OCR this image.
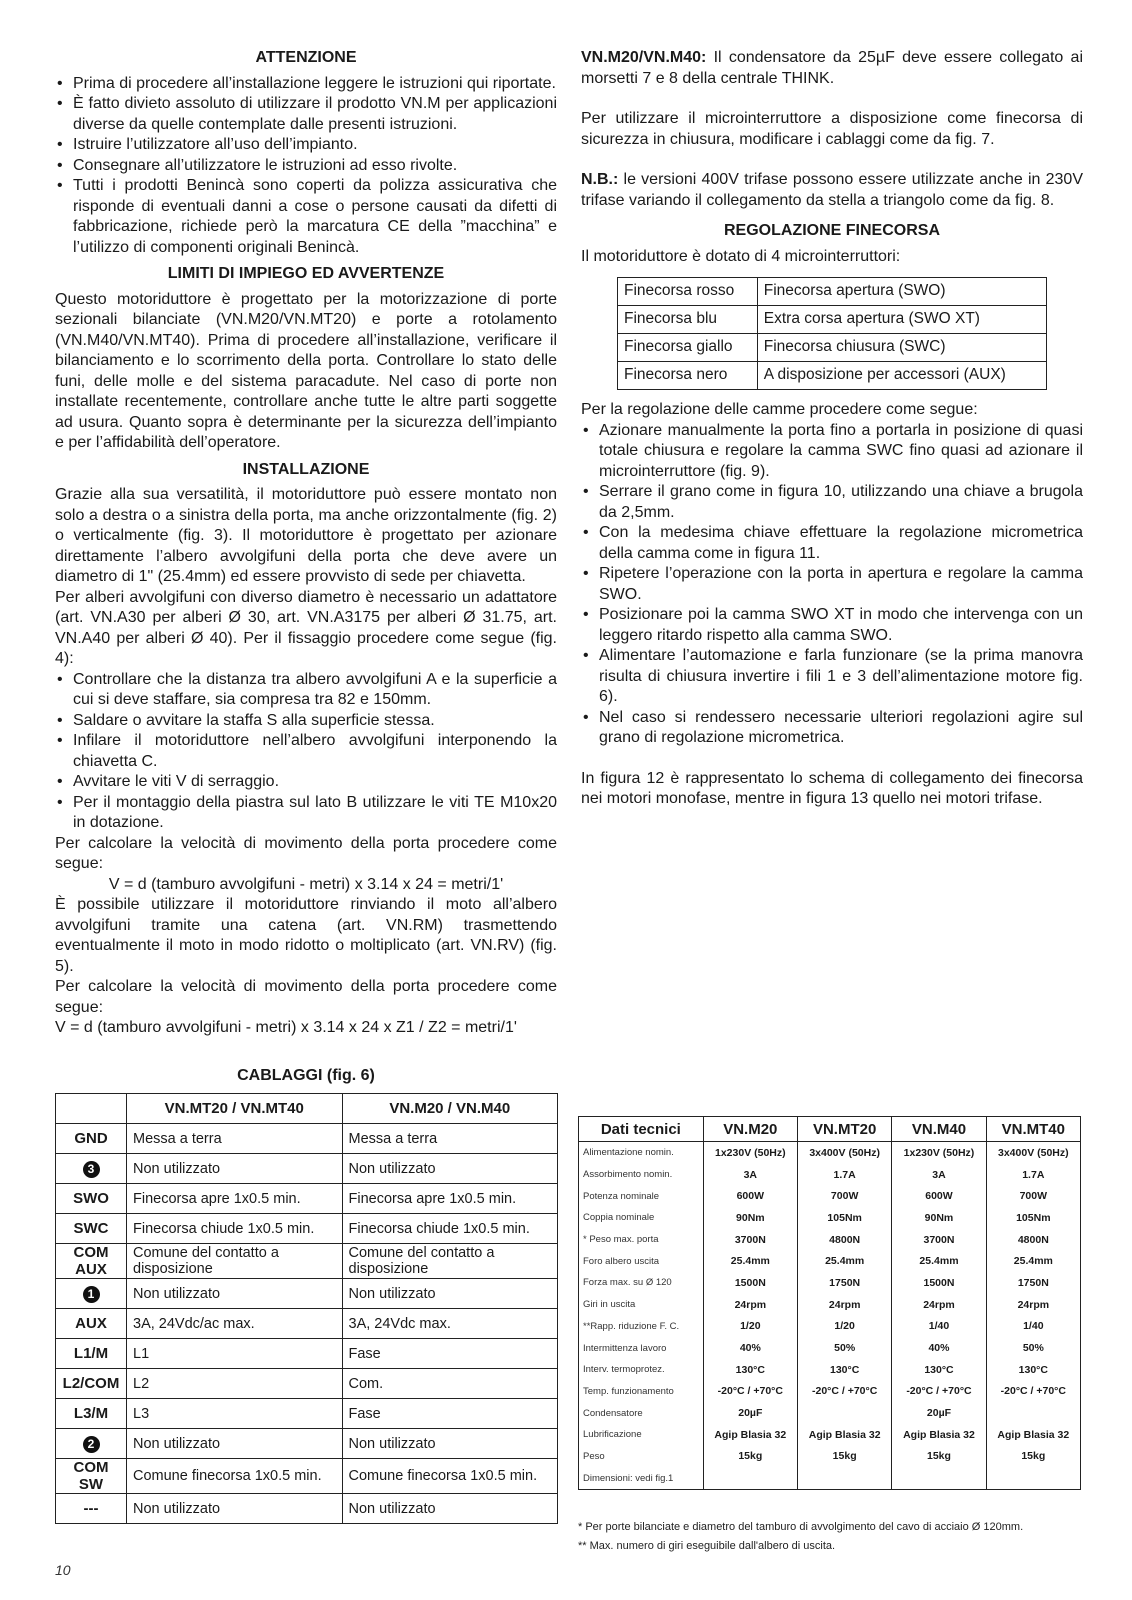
ATTENZIONE
• Prima di procedere all’installazione leggere le istruzioni qui riportate.
• È fatto divieto assoluto di utilizzare il prodotto VN.M per applicazioni diverse da quelle contemplate dalle presenti istruzioni.
• Istruire l’utilizzatore all’uso dell’impianto.
• Consegnare all’utilizzatore le istruzioni ad esso rivolte.
• Tutti i prodotti Benincà sono coperti da polizza assicurativa che risponde di eventuali danni a cose o persone causati da difetti di fabbricazione, richiede però la marcatura CE della ”macchina” e l’utilizzo di componenti originali Benincà.
LIMITI DI IMPIEGO ED AVVERTENZE

Questo motoriduttore è progettato per la motorizzazione di porte sezionali bilanciate (VN.M20/VN.MT20) e porte a rotolamento (VN.M40/VN.MT40). Prima di procedere all’installazione, verificare il bilanciamento e lo scorrimento della porta. Controllare lo stato delle funi, delle molle e del sistema paracadute. Nel caso di porte non installate recentemente, controllare anche tutte le altre parti soggette ad usura. Quanto sopra è determinante per la sicurezza dell’impianto e per l’affidabilità dell’operatore.

INSTALLAZIONE

Grazie alla sua versatilità, il motoriduttore può essere montato non solo a destra o a sinistra della porta, ma anche orizzontalmente (fig. 2) o verticalmente (fig. 3). Il motoriduttore è progettato per azionare direttamente l’albero avvolgifuni della porta che deve avere un diametro di 1" (25.4mm) ed essere provvisto di sede per chiavetta.

Per alberi avvolgifuni con diverso diametro è necessario un adattatore (art. VN.A30 per alberi Ø 30, art. VN.A3175 per alberi Ø 31.75, art. VN.A40 per alberi Ø 40). Per il fissaggio procedere come segue (fig. 4):

• Controllare che la distanza tra albero avvolgifuni A e la superficie a cui si deve staffare, sia compresa tra 82 e 150mm.
• Saldare o avvitare la staffa S alla superficie stessa.
• Infilare il motoriduttore nell’albero avvolgifuni interponendo la chiavetta C.
• Avvitare le viti V di serraggio.
• Per il montaggio della piastra sul lato B utilizzare le viti TE M10x20 in dotazione.

Per calcolare la velocità di movimento della porta procedere come segue:

V = d (tamburo avvolgifuni - metri) x 3.14 x 24 = metri/1'

È possibile utilizzare il motoriduttore rinviando il moto all’albero avvolgifuni tramite una catena (art. VN.RM) trasmettendo eventualmente il moto in modo ridotto o moltiplicato (art. VN.RV) (fig. 5).

Per calcolare la velocità di movimento della porta procedere come segue:

V = d (tamburo avvolgifuni - metri) x 3.14 x 24 x Z1 / Z2 = metri/1'

VN.M20/VN.M40: Il condensatore da 25µF deve essere collegato ai morsetti 7 e 8 della centrale THINK.

Per utilizzare il microinterruttore a disposizione come finecorsa di sicurezza in chiusura, modificare i cablaggi come da fig. 7.

N.B.: le versioni 400V trifase possono essere utilizzate anche in 230V trifase variando il collegamento da stella a triangolo come da fig. 8.

REGOLAZIONE FINECORSA

Il motoriduttore è dotato di 4 microinterruttori:

Finecorsa rosso	Finecorsa apertura (SWO)
Finecorsa blu	Extra corsa apertura (SWO XT)
Finecorsa giallo	Finecorsa chiusura (SWC)
Finecorsa nero	A disposizione per accessori (AUX)

Per la regolazione delle camme procedere come segue:

• Azionare manualmente la porta fino a portarla in posizione di quasi totale chiusura e regolare la camma SWC fino quasi ad azionare il microinterruttore (fig. 9).
• Serrare il grano come in figura 10, utilizzando una chiave a brugola da 2,5mm.
• Con la medesima chiave effettuare la regolazione micrometrica della camma come in figura 11.
• Ripetere l’operazione con la porta in apertura e regolare la camma SWO.
• Posizionare poi la camma SWO XT in modo che intervenga con un leggero ritardo rispetto alla camma SWO.
• Alimentare l’automazione e farla funzionare (se la prima manovra risulta di chiusura invertire i fili 1 e 3 dell’alimentazione motore fig. 6).
• Nel caso si rendessero necessarie ulteriori regolazioni agire sul grano di regolazione micrometrica.

In figura 12 è rappresentato lo schema di collegamento dei finecorsa nei motori monofase, mentre in figura 13 quello nei motori trifase.

CABLAGGI (fig. 6)
	VN.MT20 / VN.MT40	VN.M20 / VN.M40
GND	Messa a terra	Messa a terra
3	Non utilizzato	Non utilizzato
SWO	Finecorsa apre 1x0.5 min.	Finecorsa apre 1x0.5 min.
SWC	Finecorsa chiude 1x0.5 min.	Finecorsa chiude 1x0.5 min.
COM AUX	Comune del contatto a disposizione	Comune del contatto a disposizione
1	Non utilizzato	Non utilizzato
AUX	3A, 24Vdc/ac max.	3A, 24Vdc max.
L1/M	L1	Fase
L2/COM	L2	Com.
L3/M	L3	Fase
2	Non utilizzato	Non utilizzato
COM SW	Comune finecorsa 1x0.5 min.	Comune finecorsa 1x0.5 min.
---	Non utilizzato	Non utilizzato
Dati tecnici	VN.M20	VN.MT20	VN.M40	VN.MT40
Alimentazione nomin.	1x230V (50Hz)	3x400V (50Hz)	1x230V (50Hz)	3x400V (50Hz)
Assorbimento nomin.	3A	1.7A	3A	1.7A
Potenza nominale	600W	700W	600W	700W
Coppia nominale	90Nm	105Nm	90Nm	105Nm
* Peso max. porta	3700N	4800N	3700N	4800N
Foro albero uscita	25.4mm	25.4mm	25.4mm	25.4mm
Forza max. su Ø 120	1500N	1750N	1500N	1750N
Giri in uscita	24rpm	24rpm	24rpm	24rpm
**Rapp. riduzione F. C.	1/20	1/20	1/40	1/40
Intermittenza lavoro	40%	50%	40%	50%
Interv. termoprotez.	130°C	130°C	130°C	130°C
Temp. funzionamento	-20°C / +70°C	-20°C / +70°C	-20°C / +70°C	-20°C / +70°C
Condensatore	20µF		20µF	
Lubrificazione	Agip Blasia 32	Agip Blasia 32	Agip Blasia 32	Agip Blasia 32
Peso	15kg	15kg	15kg	15kg
Dimensioni: vedi fig.1				
* Per porte bilanciate e diametro del tamburo di avvolgimento del cavo di acciaio Ø 120mm.
** Max. numero di giri eseguibile dall'albero di uscita.
10
